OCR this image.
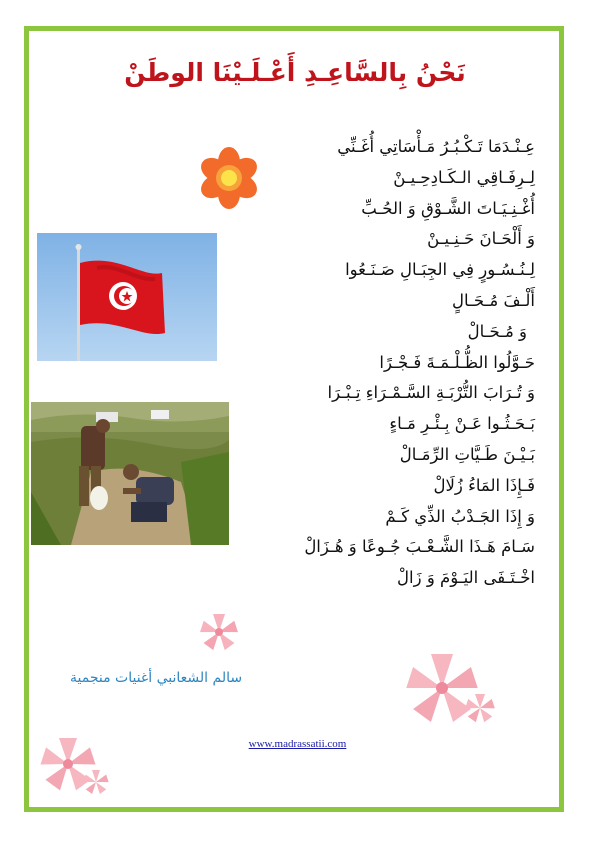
نَحْنُ بِالسَّاعِـدِ أَعْـلَـيْنَا الوطَنْ
عِـنْـدَمَا تَـكْـبُـرُ مَـأْسَاتِي أُغَـنِّي
لِـرِفَـاقِي الـكَـادِحِـيـنْ
أُغْـنِـيَـاتَ الشَّـوْقِ وَ الحُـبِّ
وَ أَلْحَـانَ حَـنِـيـنْ
لِـنُـسُـورٍ فِي الجِبَـالِ صَـنَـعُوا
أَلْـفَ مُـحَـالٍ
وَ مُـحَـالْ
حَـوَّلُوا الظُّـلْـمَـةَ فَـجْـرًا
وَ تُـرَابَ التُّرْبَـةِ السَّـمْـرَاءِ تِـبْـرَا
بَـحَـثُـوا عَـنْ بِـئْـرِ مَـاءٍ
بَـيْـنَ طَـيَّاتِ الرِّمَـالْ
فَـإِذَا المَاءُ زُلَالْ
وَ إِذَا الجَـدْبُ الذِّي كَـمْ
سَـامَ هَـذَا الشَّـعْـبَ جُـوعًا وَ هُـزَالْ
اخْـتَـفَى اليَـوْمَ وَ زَالْ
سالم الشعانبي أغنيات منجمية
www.madrassatii.com
